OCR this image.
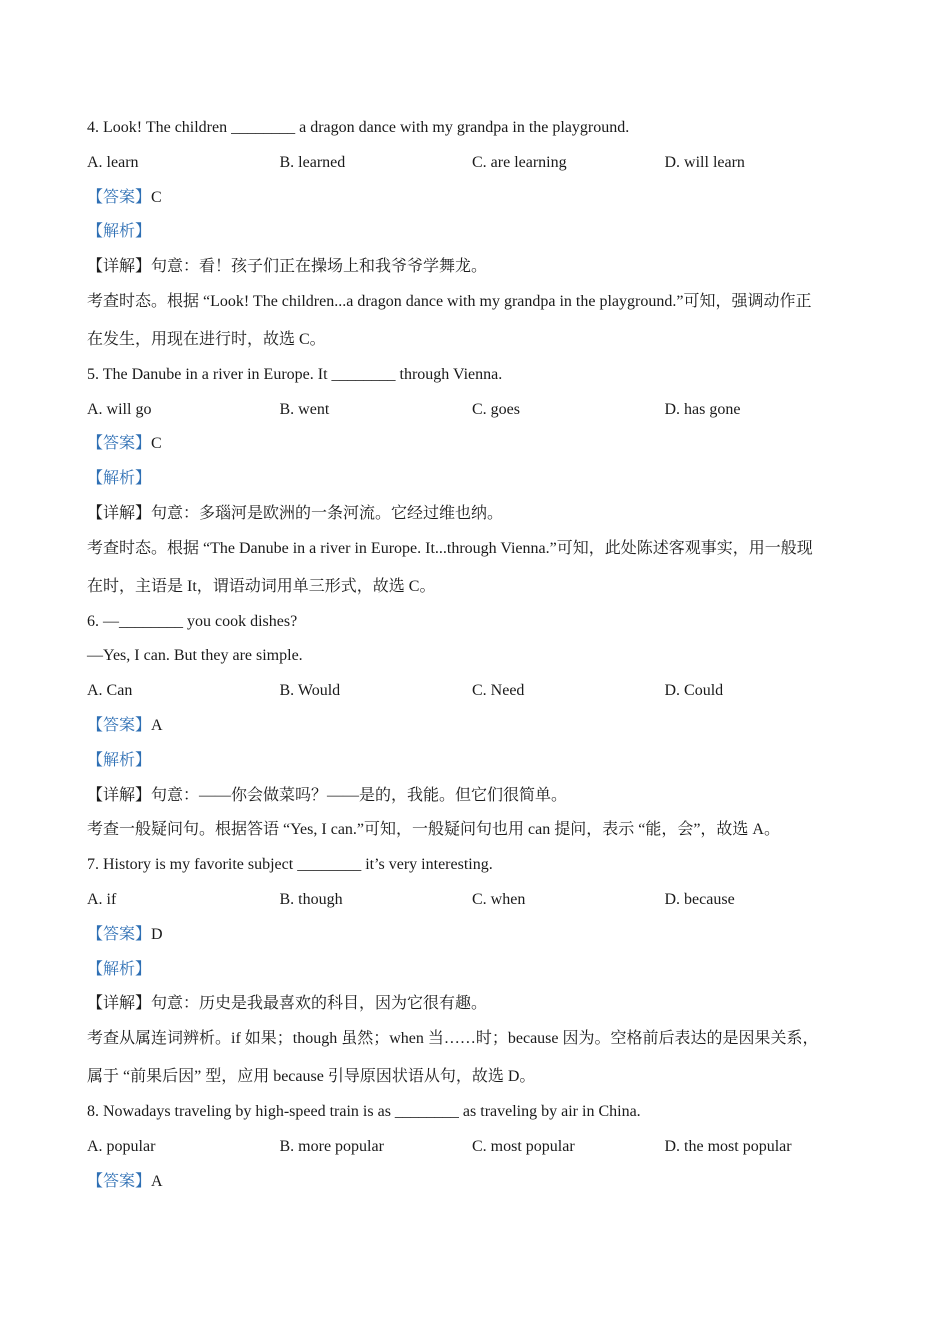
4. Look! The children ________ a dragon dance with my grandpa in the playground.
A. learn	B. learned	C. are learning	D. will learn
【答案】C
【解析】
【详解】句意：看！孩子们正在操场上和我爷爷学舞龙。
考查时态。根据 “Look! The children...a dragon dance with my grandpa in the playground.”可知，强调动作正
在发生，用现在进行时，故选 C。
5. The Danube in a river in Europe. It ________ through Vienna.
A. will go	B. went	C. goes	D. has gone
【答案】C
【解析】
【详解】句意：多瑙河是欧洲的一条河流。它经过维也纳。
考查时态。根据 “The Danube in a river in Europe. It...through Vienna.”可知，此处陈述客观事实，用一般现
在时，主语是 It，谓语动词用单三形式，故选 C。
6. —________ you cook dishes?
—Yes, I can. But they are simple.
A. Can	B. Would	C. Need	D. Could
【答案】A
【解析】
【详解】句意：——你会做菜吗？——是的，我能。但它们很简单。
考查一般疑问句。根据答语 “Yes, I can.”可知，一般疑问句也用 can 提问，表示 “能，会”，故选 A。
7. History is my favorite subject ________ it’s very interesting.
A. if	B. though	C. when	D. because
【答案】D
【解析】
【详解】句意：历史是我最喜欢的科目，因为它很有趣。
考查从属连词辨析。if 如果；though 虽然；when 当……时；because 因为。空格前后表达的是因果关系，
属于 “前果后因” 型，应用 because 引导原因状语从句，故选 D。
8. Nowadays traveling by high-speed train is as ________ as traveling by air in China.
A. popular	B. more popular	C. most popular	D. the most popular
【答案】A
